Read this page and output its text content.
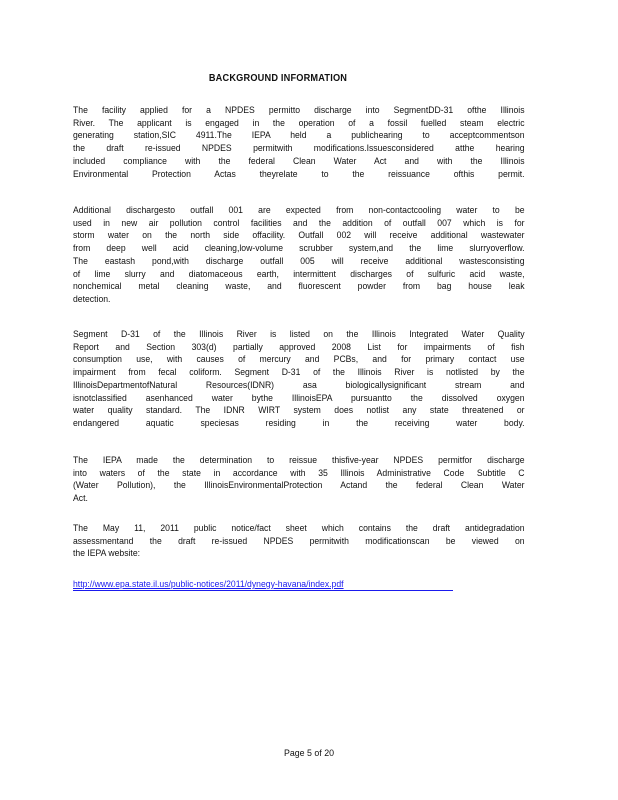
BACKGROUND INFORMATION
The facility applied for a NPDES permitto discharge into SegmentDD-31 ofthe Illinois
River. The applicant is engaged in the operation of a fossil fuelled steam electric
generating station,SIC 4911.The IEPA held a publichearing to acceptcommentson
the draft re-issued NPDES permitwith modifications.Issuesconsidered atthe hearing
included compliance with the federal Clean Water Act and with the Illinois
Environmental Protection Actas theyrelate to the reissuance ofthis permit.
Additional dischargesto outfall 001 are expected from non-contactcooling water to be
used in new air pollution control facilities and the addition of outfall 007 which is for
storm water on the north side offacility. Outfall 002 will receive additional wastewater
from deep well acid cleaning,low-volume scrubber system,and the lime slurryoverflow.
The eastash pond,with discharge outfall 005 will receive additional wastesconsisting
of lime slurry and diatomaceous earth, intermittent discharges of sulfuric acid waste,
nonchemical metal cleaning waste, and fluorescent powder from bag house leak
detection.
Segment D-31 of the Illinois River is listed on the Illinois Integrated Water Quality
Report and Section 303(d) partially approved 2008 List for impairments of fish
consumption use, with causes of mercury and PCBs, and for primary contact use
impairment from fecal coliform. Segment D-31 of the Illinois River is notlisted by the
IllinoisDepartmentofNatural Resources(IDNR) asa biologicallysignificant stream and
isnotclassified asenhanced water bythe IllinoisEPA pursuantto the dissolved oxygen
water quality standard. The IDNR WIRT system does notlist any state threatened or
endangered aquatic speciesas residing in the receiving water body.
The IEPA made the determination to reissue thisfive-year NPDES permitfor discharge
into waters of the state in accordance with 35 Illinois Administrative Code Subtitle C
(Water Pollution), the IllinoisEnvironmentalProtection Actand the federal Clean Water
Act.
The May 11, 2011 public notice/fact sheet which contains the draft antidegradation
assessmentand the draft re-issued NPDES permitwith modificationscan be viewed on
the IEPA website:
http://www.epa.state.il.us/public-notices/2011/dynegy-havana/index.pdf
Page 5 of 20
